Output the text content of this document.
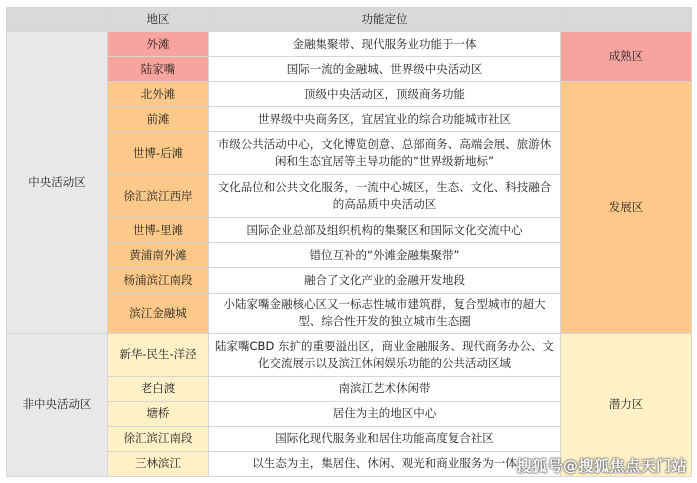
	地区	功能定位	
中央活动区	外滩	金融集聚带、现代服务业功能于一体	成熟区
	陆家嘴	国际一流的金融城、世界级中央活动区	
	北外滩	顶级中央活动区，顶级商务功能	发展区
	前滩	世界级中央商务区，宜居宜业的综合功能城市社区	
	世博-后滩	市级公共活动中心，文化博览创意、总部商务、高端会展、旅游休闲和生态宜居等主导功能的“世界级新地标”	
	徐汇滨江西岸	文化品位和公共文化服务，一流中心城区，生态、文化、科技融合的高品质中央活动区	
	世博-里滩	国际企业总部及组织机构的集聚区和国际文化交流中心	
	黄浦南外滩	错位互补的“外滩金融集聚带”	
	杨浦滨江南段	融合了文化产业的金融开发地段	
	滨江金融城	小陆家嘴金融核心区又一标志性城市建筑群，复合型城市的超大型、综合性开发的独立城市生态圈	
非中央活动区	新华-民生-洋泾	陆家嘴CBD 东扩的重要溢出区，商业金融服务、现代商务办公、文化交流展示以及滨江休闲娱乐功能的公共活动区域	潜力区
	老白渡	南滨江艺术休闲带	
	塘桥	居住为主的地区中心	
	徐汇滨江南段	国际化现代服务业和居住功能高度复合社区	
	三林滨江	以生态为主，集居住、休闲、观光和商业服务为一体	搜狐号@搜狐焦点天门站
